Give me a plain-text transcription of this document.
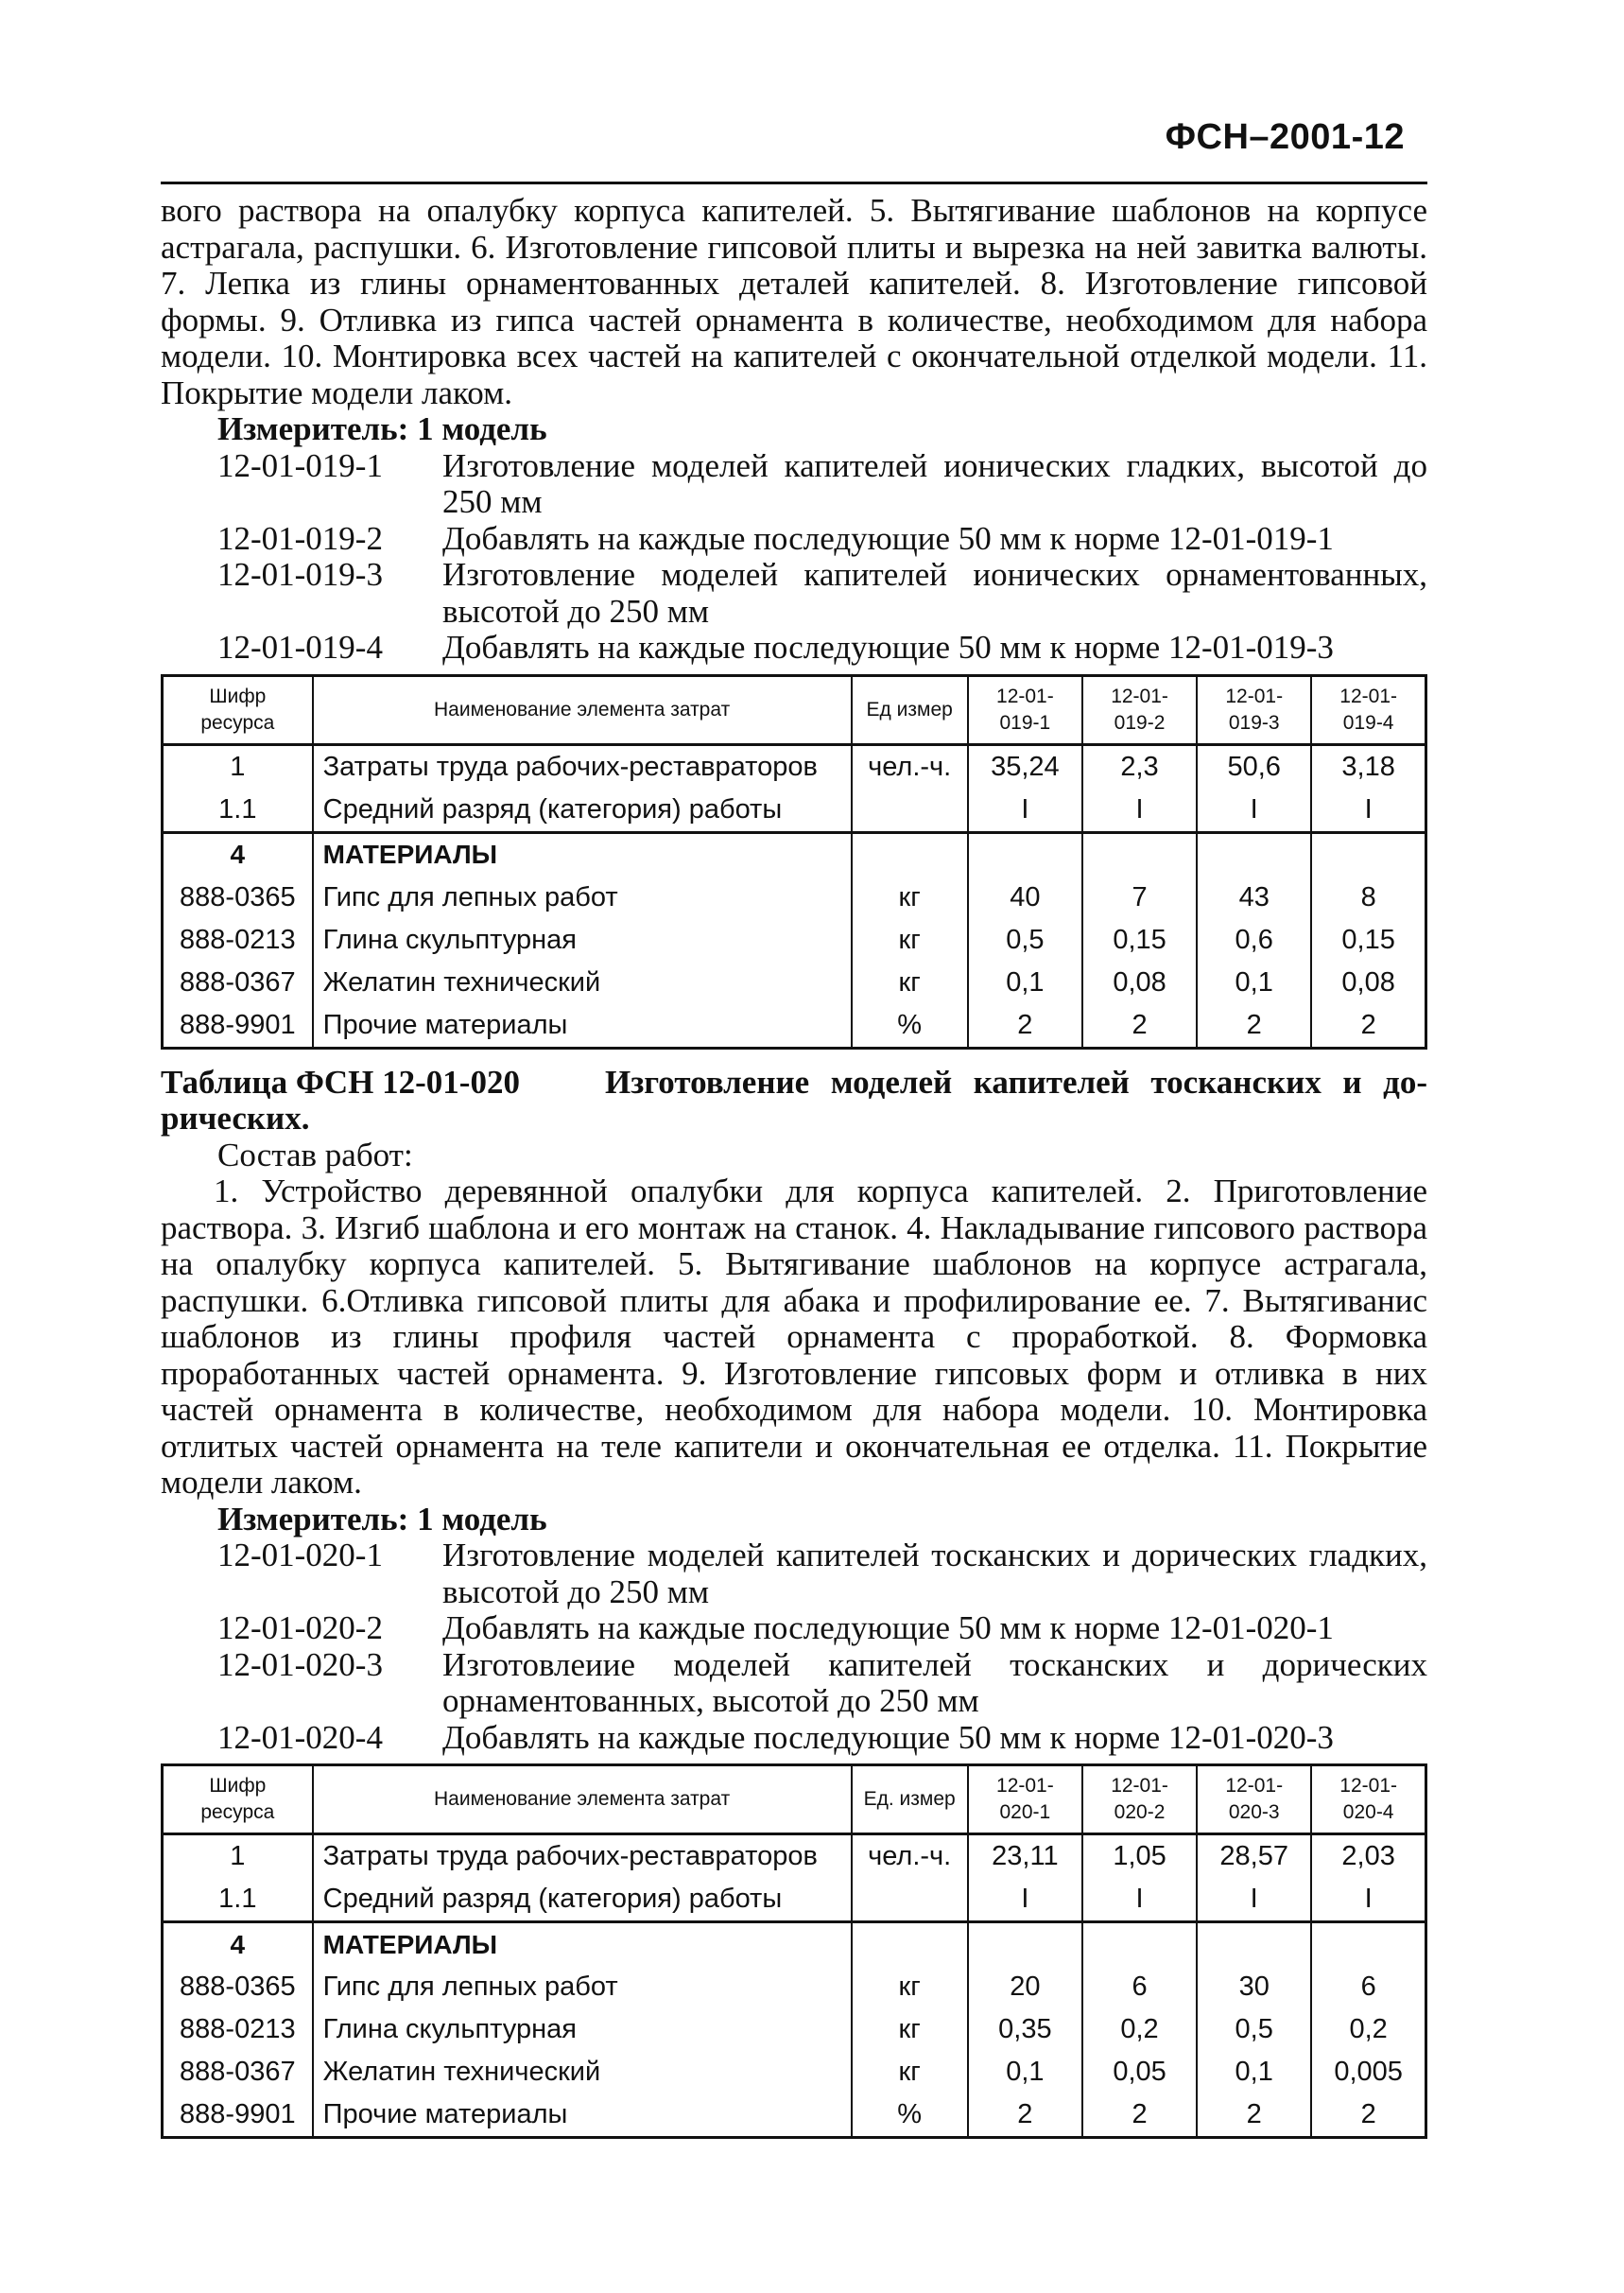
ФСН–2001-12

вого раствора на опалубку корпуса капителей. 5. Вытягивание шаблонов на корпусе астрагала, распушки. 6. Изготовление гипсовой плиты и вырезка на ней завитка валюты. 7. Лепка из глины орнаментованных деталей капителей. 8. Изготовление гипсовой формы. 9. Отливка из гипса частей орнамента в количестве, необходимом для набора модели. 10. Монтировка всех частей на капителей с окончательной отделкой модели. 11. Покрытие модели лаком.

Измеритель: 1 модель

12-01-019-1	Изготовление моделей капителей ионических гладких, высотой до 250 мм
12-01-019-2	Добавлять на каждые последующие 50 мм к норме 12-01-019-1
12-01-019-3	Изготовление моделей капителей ионических орнаментованных, высотой до 250 мм
12-01-019-4	Добавлять на каждые последующие 50 мм к норме 12-01-019-3
Шифр ресурса	Наименование элемента затрат	Ед измер	12-01-019-1	12-01-019-2	12-01-019-3	12-01-019-4
1	Затраты труда рабочих-реставраторов	чел.-ч.	35,24	2,3	50,6	3,18
1.1	Средний разряд (категория) работы		I	I	I	I
4	МАТЕРИАЛЫ					
888-0365	Гипс для лепных работ	кг	40	7	43	8
888-0213	Глина скульптурная	кг	0,5	0,15	0,6	0,15
888-0367	Желатин технический	кг	0,1	0,08	0,1	0,08
888-9901	Прочие материалы	%	2	2	2	2
Таблица ФСН 12-01-020	Изготовление моделей капителей тосканских и до-
рических.

Состав работ:

1. Устройство деревянной опалубки для корпуса капителей. 2. Приготовление раствора. 3. Изгиб шаблона и его монтаж на станок. 4. Накладывание гипсового раствора на опалубку корпуса капителей. 5. Вытягивание шаблонов на корпусе астрагала, распушки. 6.Отливка гипсовой плиты для абака и профилирование ее. 7. Вытягиванис шаблонов из глины профиля частей орнамента с проработкой. 8. Формовка проработанных частей орнамента. 9. Изготовление гипсовых форм и отливка в них частей орнамента в количестве, необходимом для набора модели. 10. Монтировка отлитых частей орнамента на теле капители и окончательная ее отделка. 11. Покрытие модели лаком.

Измеритель: 1 модель

12-01-020-1	Изготовление моделей капителей тосканских и дорических гладких, высотой до 250 мм
12-01-020-2	Добавлять на каждые последующие 50 мм к норме 12-01-020-1
12-01-020-3	Изготовлеиие моделей капителей тосканских и дорических орнаментованных, высотой до 250 мм
12-01-020-4	Добавлять на каждые последующие 50 мм к норме 12-01-020-3
Шифр ресурса	Наименование элемента затрат	Ед. измер	12-01-020-1	12-01-020-2	12-01-020-3	12-01-020-4
1	Затраты труда рабочих-реставраторов	чел.-ч.	23,11	1,05	28,57	2,03
1.1	Средний разряд (категория) работы		I	I	I	I
4	МАТЕРИАЛЫ					
888-0365	Гипс для лепных работ	кг	20	6	30	6
888-0213	Глина скульптурная	кг	0,35	0,2	0,5	0,2
888-0367	Желатин технический	кг	0,1	0,05	0,1	0,005
888-9901	Прочие материалы	%	2	2	2	2
